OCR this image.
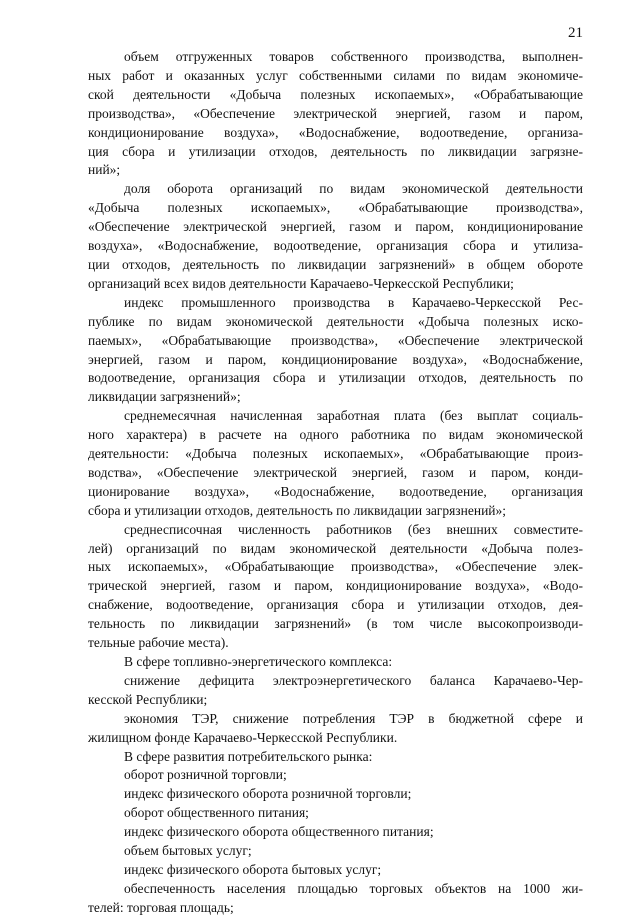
21
объем отгруженных товаров собственного производства, выполнен-
ных работ и оказанных услуг собственными силами по видам экономиче-
ской деятельности «Добыча полезных ископаемых», «Обрабатывающие
производства», «Обеспечение электрической энергией, газом и паром,
кондиционирование воздуха», «Водоснабжение, водоотведение, организа-
ция сбора и утилизации отходов, деятельность по ликвидации загрязне-
ний»;
доля оборота организаций по видам экономической деятельности
«Добыча полезных ископаемых», «Обрабатывающие производства»,
«Обеспечение электрической энергией, газом и паром, кондиционирование
воздуха», «Водоснабжение, водоотведение, организация сбора и утилиза-
ции отходов, деятельность по ликвидации загрязнений» в общем обороте
организаций всех видов деятельности Карачаево-Черкесской Республики;
индекс промышленного производства в Карачаево-Черкесской Рес-
публике по видам экономической деятельности «Добыча полезных иско-
паемых», «Обрабатывающие производства», «Обеспечение электрической
энергией, газом и паром, кондиционирование воздуха», «Водоснабжение,
водоотведение, организация сбора и утилизации отходов, деятельность по
ликвидации загрязнений»;
среднемесячная начисленная заработная плата (без выплат социаль-
ного характера) в расчете на одного работника по видам экономической
деятельности: «Добыча полезных ископаемых», «Обрабатывающие произ-
водства», «Обеспечение электрической энергией, газом и паром, конди-
ционирование воздуха», «Водоснабжение, водоотведение, организация
сбора и утилизации отходов, деятельность по ликвидации загрязнений»;
среднесписочная численность работников (без внешних совместите-
лей) организаций по видам экономической деятельности «Добыча полез-
ных ископаемых», «Обрабатывающие производства», «Обеспечение элек-
трической энергией, газом и паром, кондиционирование воздуха», «Водо-
снабжение, водоотведение, организация сбора и утилизации отходов, дея-
тельность по ликвидации загрязнений» (в том числе высокопроизводи-
тельные рабочие места).
В сфере топливно-энергетического комплекса:
снижение дефицита электроэнергетического баланса Карачаево-Чер-
кесской Республики;
экономия ТЭР, снижение потребления ТЭР в бюджетной сфере и
жилищном фонде Карачаево-Черкесской Республики.
В сфере развития потребительского рынка:
оборот розничной торговли;
индекс физического оборота розничной торговли;
оборот общественного питания;
индекс физического оборота общественного питания;
объем бытовых услуг;
индекс физического оборота бытовых услуг;
обеспеченность населения площадью торговых объектов на 1000 жи-
телей: торговая площадь;
